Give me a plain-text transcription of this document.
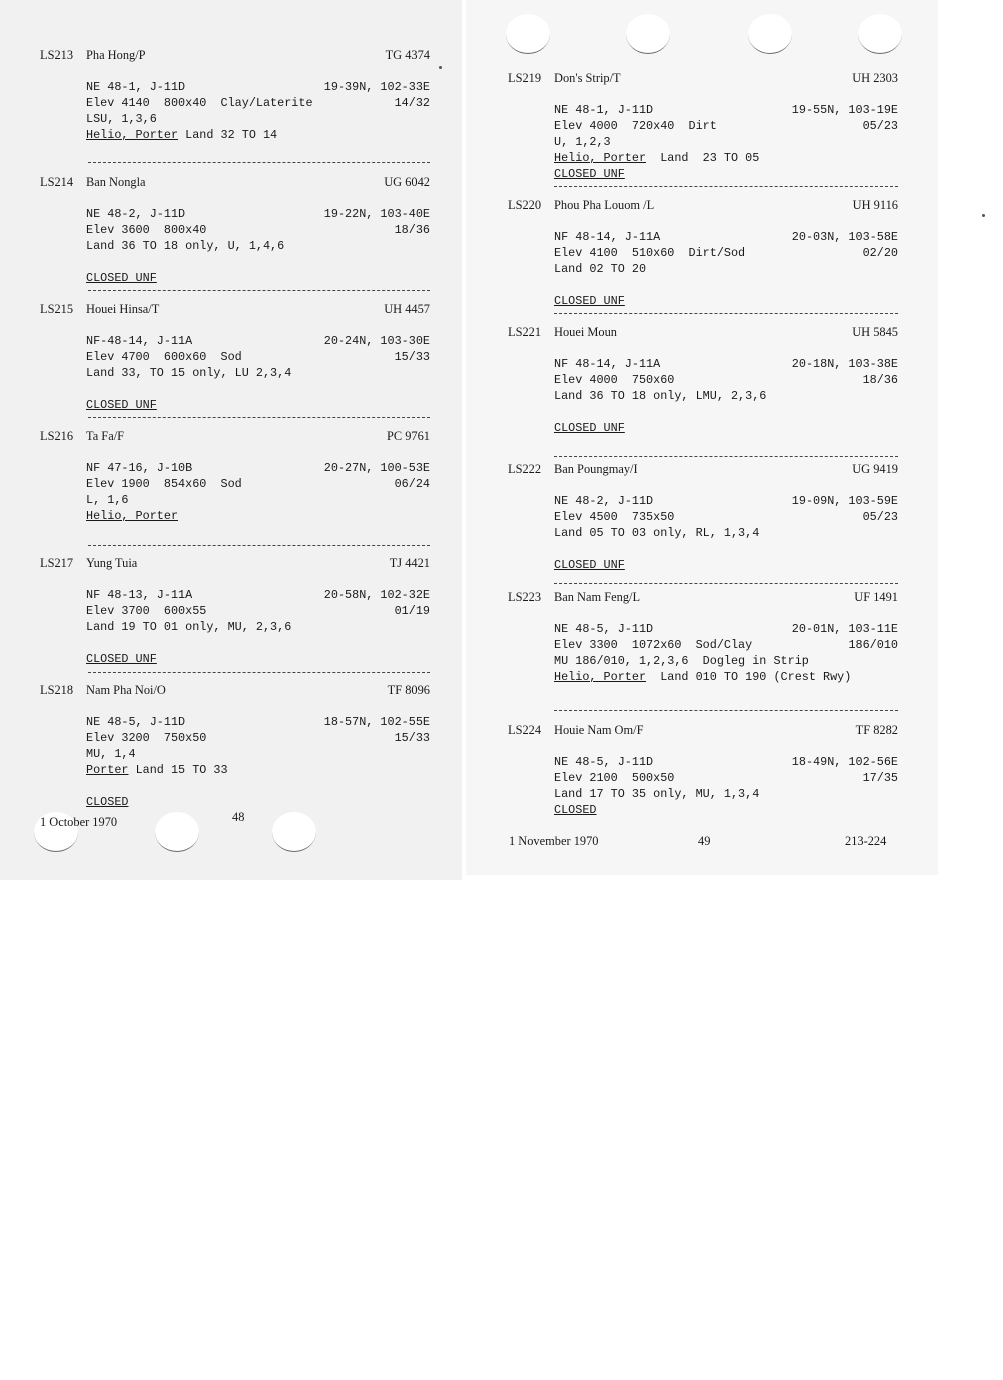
1 October 1970	48
1 November 1970	49	213-224
LS213 Pha Hong/P	TG 4374
NE 48-1, J-11D	19-39N, 102-33E
Elev 4140  800x40  Clay/Laterite	14/32
LSU, 1,3,6
Helio, Porter Land 32 TO 14
LS214 Ban Nongla	UG 6042
NE 48-2, J-11D	19-22N, 103-40E
Elev 3600  800x40	18/36
Land 36 TO 18 only, U, 1,4,6
CLOSED UNF
LS215 Houei Hinsa/T	UH 4457
NF-48-14, J-11A	20-24N, 103-30E
Elev 4700  600x60  Sod	15/33
Land 33, TO 15 only, LU 2,3,4
CLOSED UNF
LS216 Ta Fa/F	PC 9761
NF 47-16, J-10B	20-27N, 100-53E
Elev 1900  854x60  Sod	06/24
L, 1,6
Helio, Porter
LS217 Yung Tuia	TJ 4421
NF 48-13, J-11A	20-58N, 102-32E
Elev 3700  600x55	01/19
Land 19 TO 01 only, MU, 2,3,6
CLOSED UNF
LS218 Nam Pha Noi/O	TF 8096
NE 48-5, J-11D	18-57N, 102-55E
Elev 3200  750x50	15/33
MU, 1,4
Porter Land 15 TO 33
CLOSED
LS219 Don's Strip/T	UH 2303
NE 48-1, J-11D	19-55N, 103-19E
Elev 4000  720x40  Dirt	05/23
U, 1,2,3
Helio, Porter  Land  23 TO 05
CLOSED UNF
LS220 Phou Pha Louom /L	UH 9116
NF 48-14, J-11A	20-03N, 103-58E
Elev 4100  510x60  Dirt/Sod	02/20
Land 02 TO 20
CLOSED UNF
LS221 Houei Moun	UH 5845
NF 48-14, J-11A	20-18N, 103-38E
Elev 4000  750x60	18/36
Land 36 TO 18 only, LMU, 2,3,6
CLOSED UNF
LS222 Ban Poungmay/I	UG 9419
NE 48-2, J-11D	19-09N, 103-59E
Elev 4500  735x50	05/23
Land 05 TO 03 only, RL, 1,3,4
CLOSED UNF
LS223 Ban Nam Feng/L	UF 1491
NE 48-5, J-11D	20-01N, 103-11E
Elev 3300  1072x60  Sod/Clay	186/010
MU 186/010, 1,2,3,6  Dogleg in Strip
Helio, Porter  Land 010 TO 190 (Crest Rwy)
LS224 Houie Nam Om/F	TF 8282
NE 48-5, J-11D	18-49N, 102-56E
Elev 2100  500x50	17/35
Land 17 TO 35 only, MU, 1,3,4
CLOSED
